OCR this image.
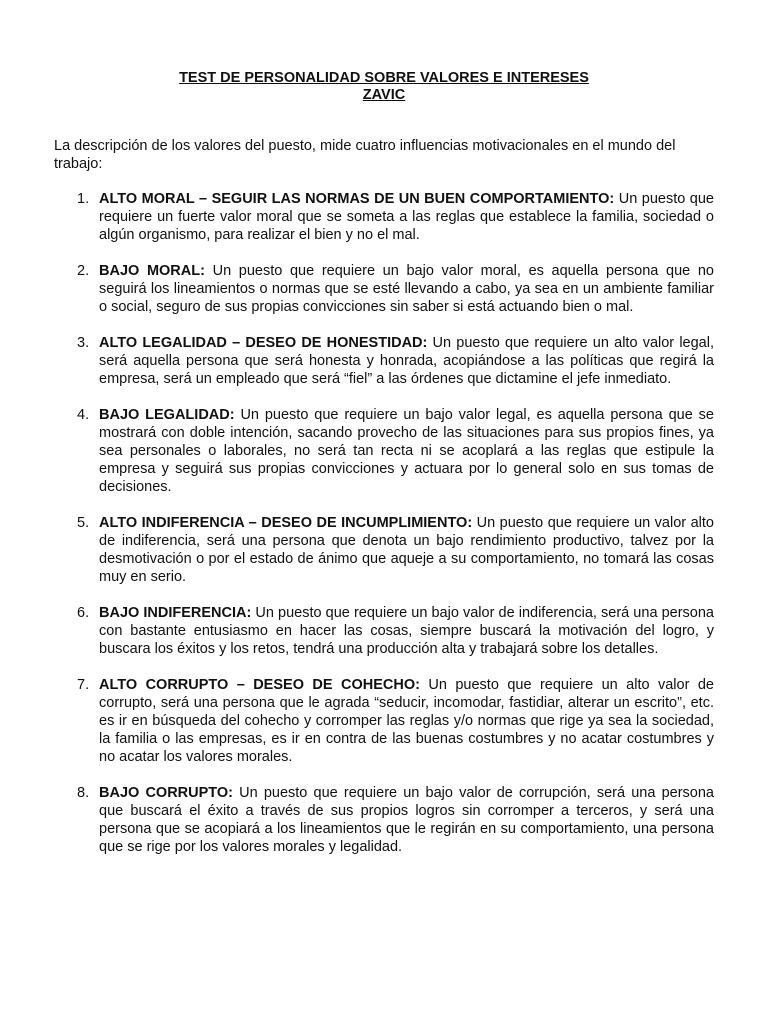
TEST DE PERSONALIDAD SOBRE VALORES E INTERESES
ZAVIC

La descripción de los valores del puesto, mide cuatro influencias motivacionales en el mundo del trabajo:

1. ALTO MORAL – SEGUIR LAS NORMAS DE UN BUEN COMPORTAMIENTO: Un puesto que requiere un fuerte valor moral que se someta a las reglas que establece la familia, sociedad o algún organismo, para realizar el bien y no el mal.
2. BAJO MORAL: Un puesto que requiere un bajo valor moral, es aquella persona que no seguirá los lineamientos o normas que se esté llevando a cabo, ya sea en un ambiente familiar o social, seguro de sus propias convicciones sin saber si está actuando bien o mal.
3. ALTO LEGALIDAD – DESEO DE HONESTIDAD: Un puesto que requiere un alto valor legal, será aquella persona que será honesta y honrada, acopiándose a las políticas que regirá la empresa, será un empleado que será “fiel” a las órdenes que dictamine el jefe inmediato.
4. BAJO LEGALIDAD: Un puesto que requiere un bajo valor legal, es aquella persona que se mostrará con doble intención, sacando provecho de las situaciones para sus propios fines, ya sea personales o laborales, no será tan recta ni se acoplará a las reglas que estipule la empresa y seguirá sus propias convicciones y actuara por lo general solo en sus tomas de decisiones.
5. ALTO INDIFERENCIA – DESEO DE INCUMPLIMIENTO: Un puesto que requiere un valor alto de indiferencia, será una persona que denota un bajo rendimiento productivo, talvez por la desmotivación o por el estado de ánimo que aqueje a su comportamiento, no tomará las cosas muy en serio.
6. BAJO INDIFERENCIA: Un puesto que requiere un bajo valor de indiferencia, será una persona con bastante entusiasmo en hacer las cosas, siempre buscará la motivación del logro, y buscara los éxitos y los retos, tendrá una producción alta y trabajará sobre los detalles.
7. ALTO CORRUPTO – DESEO DE COHECHO: Un puesto que requiere un alto valor de corrupto, será una persona que le agrada “seducir, incomodar, fastidiar, alterar un escrito”, etc. es ir en búsqueda del cohecho y corromper las reglas y/o normas que rige ya sea la sociedad, la familia o las empresas, es ir en contra de las buenas costumbres y no acatar costumbres y no acatar los valores morales.
8. BAJO CORRUPTO: Un puesto que requiere un bajo valor de corrupción, será una persona que buscará el éxito a través de sus propios logros sin corromper a terceros, y será una persona que se acopiará a los lineamientos que le regirán en su comportamiento, una persona que se rige por los valores morales y legalidad.
